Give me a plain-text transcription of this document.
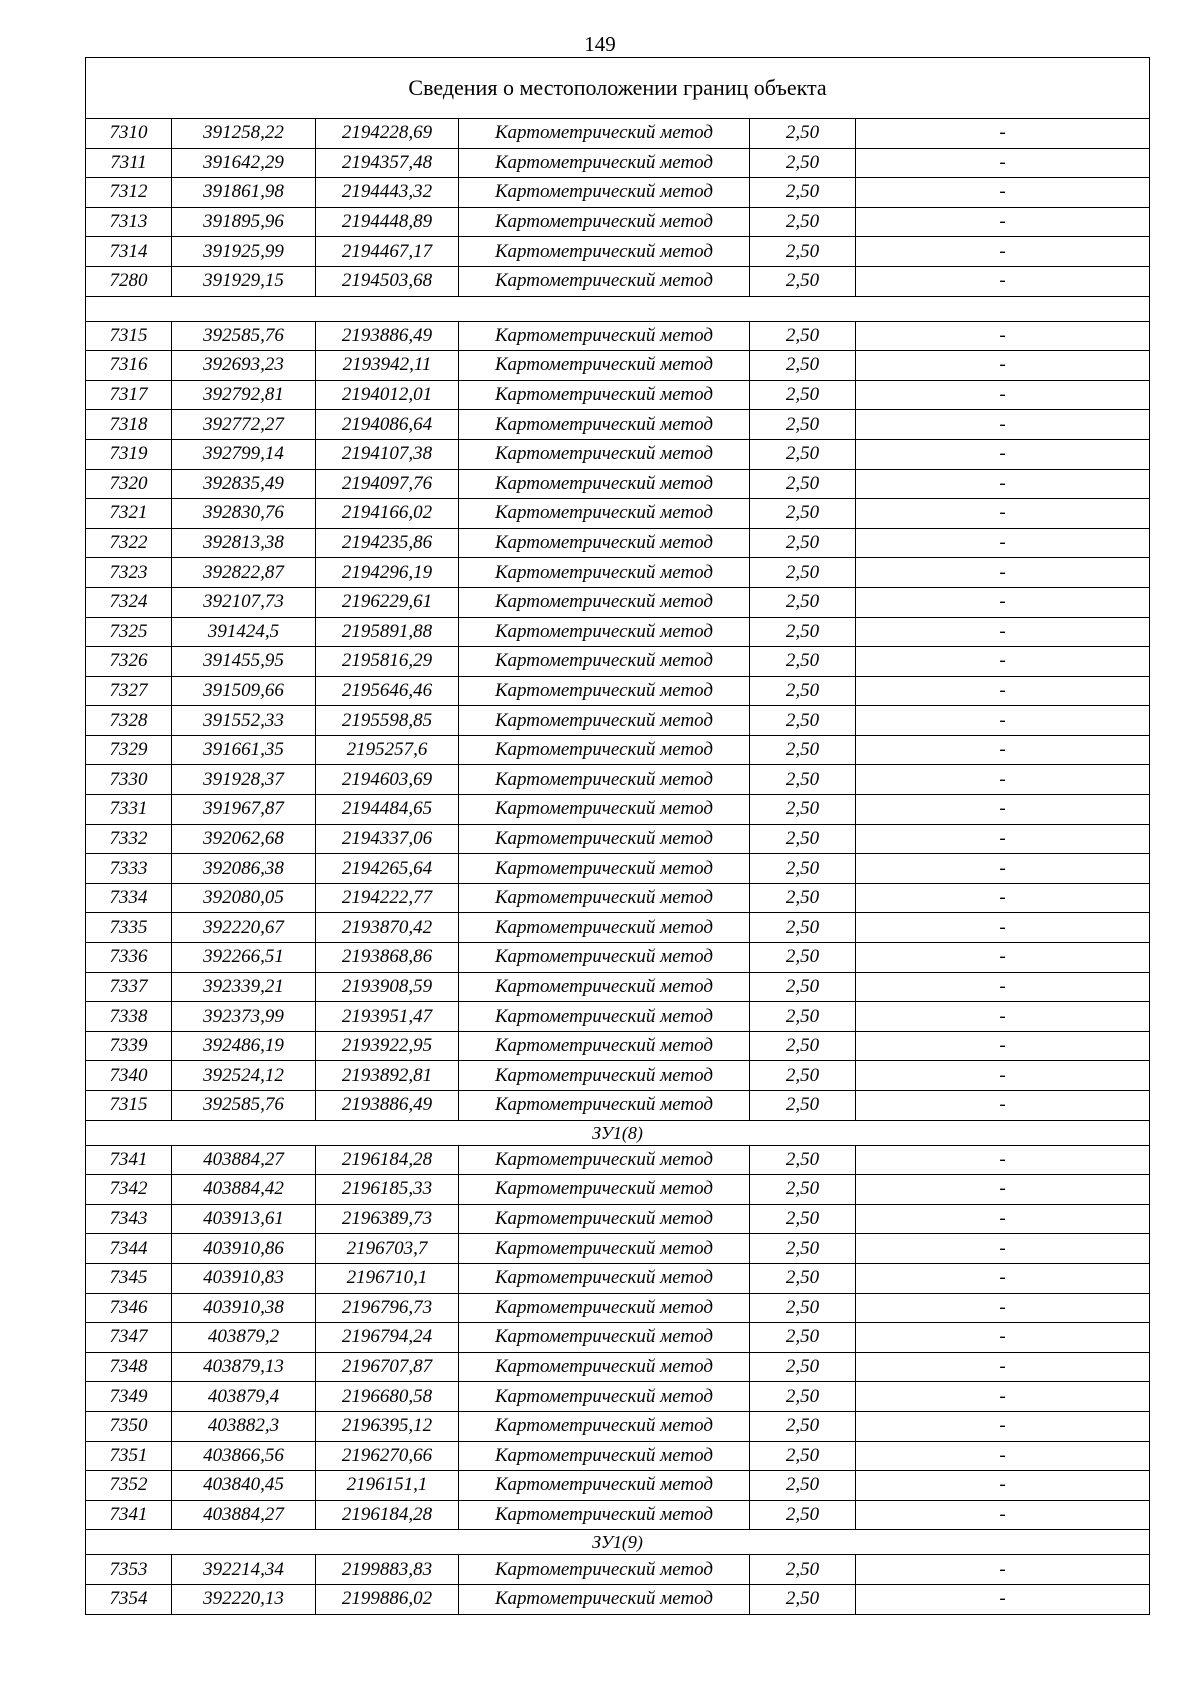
149
Сведения о местоположении границ объекта					
7310	391258,22	2194228,69	Картометрический метод	2,50	-
7311	391642,29	2194357,48	Картометрический метод	2,50	-
7312	391861,98	2194443,32	Картометрический метод	2,50	-
7313	391895,96	2194448,89	Картометрический метод	2,50	-
7314	391925,99	2194467,17	Картометрический метод	2,50	-
7280	391929,15	2194503,68	Картометрический метод	2,50	-

7315	392585,76	2193886,49	Картометрический метод	2,50	-
7316	392693,23	2193942,11	Картометрический метод	2,50	-
7317	392792,81	2194012,01	Картометрический метод	2,50	-
7318	392772,27	2194086,64	Картометрический метод	2,50	-
7319	392799,14	2194107,38	Картометрический метод	2,50	-
7320	392835,49	2194097,76	Картометрический метод	2,50	-
7321	392830,76	2194166,02	Картометрический метод	2,50	-
7322	392813,38	2194235,86	Картометрический метод	2,50	-
7323	392822,87	2194296,19	Картометрический метод	2,50	-
7324	392107,73	2196229,61	Картометрический метод	2,50	-
7325	391424,5	2195891,88	Картометрический метод	2,50	-
7326	391455,95	2195816,29	Картометрический метод	2,50	-
7327	391509,66	2195646,46	Картометрический метод	2,50	-
7328	391552,33	2195598,85	Картометрический метод	2,50	-
7329	391661,35	2195257,6	Картометрический метод	2,50	-
7330	391928,37	2194603,69	Картометрический метод	2,50	-
7331	391967,87	2194484,65	Картометрический метод	2,50	-
7332	392062,68	2194337,06	Картометрический метод	2,50	-
7333	392086,38	2194265,64	Картометрический метод	2,50	-
7334	392080,05	2194222,77	Картометрический метод	2,50	-
7335	392220,67	2193870,42	Картометрический метод	2,50	-
7336	392266,51	2193868,86	Картометрический метод	2,50	-
7337	392339,21	2193908,59	Картометрический метод	2,50	-
7338	392373,99	2193951,47	Картометрический метод	2,50	-
7339	392486,19	2193922,95	Картометрический метод	2,50	-
7340	392524,12	2193892,81	Картометрический метод	2,50	-
7315	392585,76	2193886,49	Картометрический метод	2,50	-
ЗУ1(8)					
7341	403884,27	2196184,28	Картометрический метод	2,50	-
7342	403884,42	2196185,33	Картометрический метод	2,50	-
7343	403913,61	2196389,73	Картометрический метод	2,50	-
7344	403910,86	2196703,7	Картометрический метод	2,50	-
7345	403910,83	2196710,1	Картометрический метод	2,50	-
7346	403910,38	2196796,73	Картометрический метод	2,50	-
7347	403879,2	2196794,24	Картометрический метод	2,50	-
7348	403879,13	2196707,87	Картометрический метод	2,50	-
7349	403879,4	2196680,58	Картометрический метод	2,50	-
7350	403882,3	2196395,12	Картометрический метод	2,50	-
7351	403866,56	2196270,66	Картометрический метод	2,50	-
7352	403840,45	2196151,1	Картометрический метод	2,50	-
7341	403884,27	2196184,28	Картометрический метод	2,50	-
ЗУ1(9)					
7353	392214,34	2199883,83	Картометрический метод	2,50	-
7354	392220,13	2199886,02	Картометрический метод	2,50	-
